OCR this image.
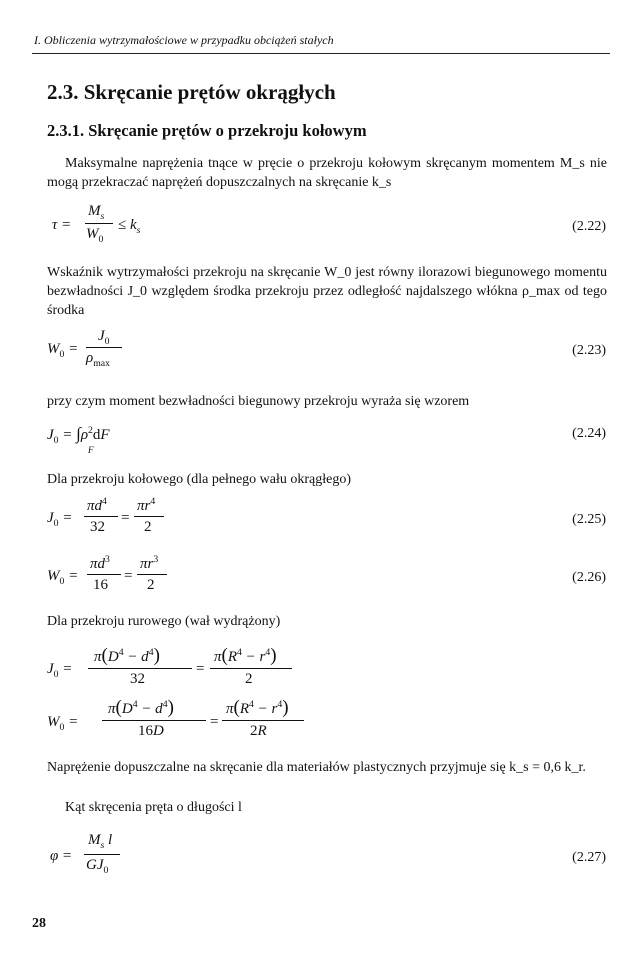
I. Obliczenia wytrzymałościowe w przypadku obciążeń stałych
2.3. Skręcanie prętów okrągłych
2.3.1. Skręcanie prętów o przekroju kołowym
Maksymalne naprężenia tnące w pręcie o przekroju kołowym skręcanym momentem M_s nie mogą przekraczać naprężeń dopuszczalnych na skręcanie k_s
τ =
$M_s$
$W_0$
≤ $k_s$	(2.22)
Wskaźnik wytrzymałości przekroju na skręcanie W_0 jest równy ilorazowi biegunowego momentu bezwładności J_0 względem środka przekroju przez odległość najdalszego włókna ρ_max od tego środka
$W_0$ =
$J_0$
$\rho_{max}$
(2.23)
przy czym moment bezwładności biegunowy przekroju wyraża się wzorem
$J_0 = \int\rho^2dF$
F
(2.24)
Dla przekroju kołowego (dla pełnego wału okrągłego)
$J_0$ =
$\pi d^4$
32
=
$\pi r^4$
2	(2.25)
$W_0$ =
$\pi d^3$
16
=
$\pi r^3$
2	(2.26)
Dla przekroju rurowego (wał wydrążony)
$J_0$ =
$\pi(D^4 - d^4)$
32
=
$\pi(R^4 - r^4)$
2
$W_0$ =
$\pi(D^4 - d^4)$
16D
=
$\pi(R^4 - r^4)$
2R
Naprężenie dopuszczalne na skręcanie dla materiałów plastycznych przyjmuje się k_s = 0,6 k_r.
Kąt skręcenia pręta o długości l
φ =
$M_s$ l
$GJ_0$
(2.27)
28
